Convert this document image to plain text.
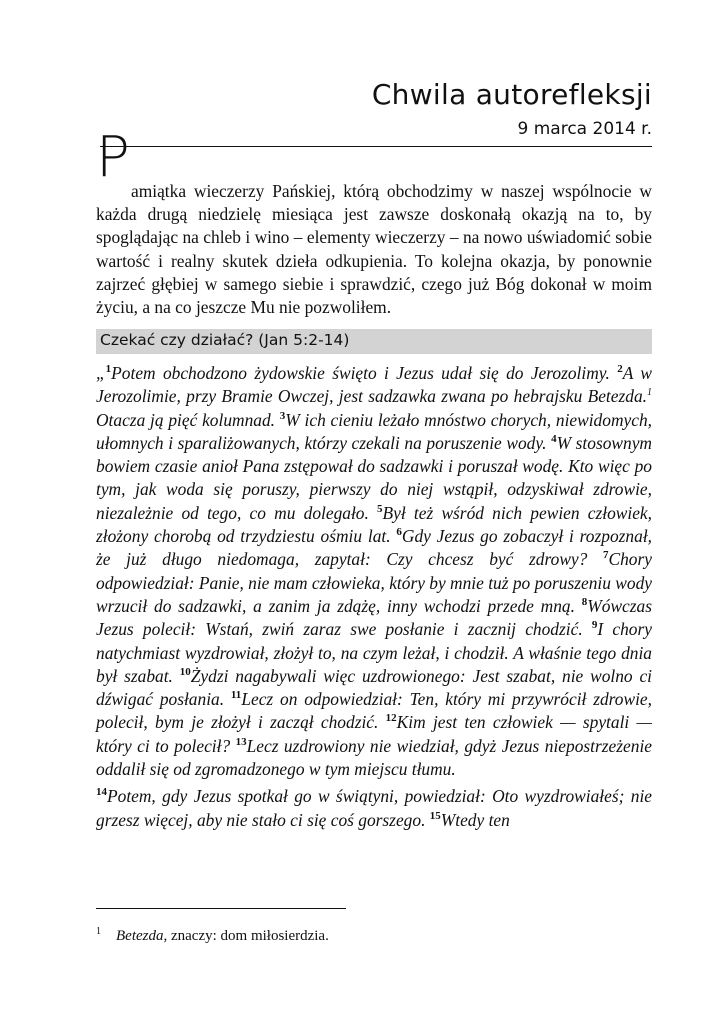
Chwila autorefleksji
9 marca 2014 r.
P
amiątka wieczerzy Pańskiej, którą obchodzimy w naszej wspólnocie w każda drugą niedzielę miesiąca jest zawsze doskonałą okazją na to, by spoglądając na chleb i wino – elementy wieczerzy – na nowo uświadomić sobie wartość i realny skutek dzieła odkupienia. To kolejna okazja, by ponownie zajrzeć głębiej w samego siebie i sprawdzić, czego już Bóg dokonał w moim życiu, a na co jeszcze Mu nie pozwoliłem.
Czekać czy działać? (Jan 5:2-14)

„$^1$Potem obchodzono żydowskie święto i Jezus udał się do Jerozolimy. $^2$A w Jerozolimie, przy Bramie Owczej, jest sadzawka zwana po hebrajsku Betezda.$^1$ Otacza ją pięć kolumnad. $^3$W ich cieniu leżało mnóstwo chorych, niewidomych, ułomnych i sparaliżowanych, którzy czekali na poruszenie wody. $^4$W stosownym bowiem czasie anioł Pana zstępował do sadzawki i poruszał wodę. Kto więc po tym, jak woda się poruszy, pierwszy do niej wstąpił, odzyskiwał zdrowie, niezależnie od tego, co mu dolegało. $^5$Był też wśród nich pewien człowiek, złożony chorobą od trzydziestu ośmiu lat. $^6$Gdy Jezus go zobaczył i rozpoznał, że już długo niedomaga, zapytał: Czy chcesz być zdrowy? $^7$Chory odpowiedział: Panie, nie mam człowieka, który by mnie tuż po poruszeniu wody wrzucił do sadzawki, a zanim ja zdążę, inny wchodzi przede mną. $^8$Wówczas Jezus polecił: Wstań, zwiń zaraz swe posłanie i zacznij chodzić. $^9$I chory natychmiast wyzdrowiał, złożył to, na czym leżał, i chodził. A właśnie tego dnia był szabat. $^{10}$Żydzi nagabywali więc uzdrowionego: Jest szabat, nie wolno ci dźwigać posłania. $^{11}$Lecz on odpowiedział: Ten, który mi przywrócił zdrowie, polecił, bym je złożył i zaczął chodzić. $^{12}$Kim jest ten człowiek — spytali — który ci to polecił? $^{13}$Lecz uzdrowiony nie wiedział, gdyż Jezus niepostrzeżenie oddalił się od zgromadzonego w tym miejscu tłumu.

$^{14}$Potem, gdy Jezus spotkał go w świątyni, powiedział: Oto wyzdrowiałeś; nie grzesz więcej, aby nie stało ci się coś gorszego. $^{15}$Wtedy ten

$^1$ Betezda, znaczy: dom miłosierdzia.
